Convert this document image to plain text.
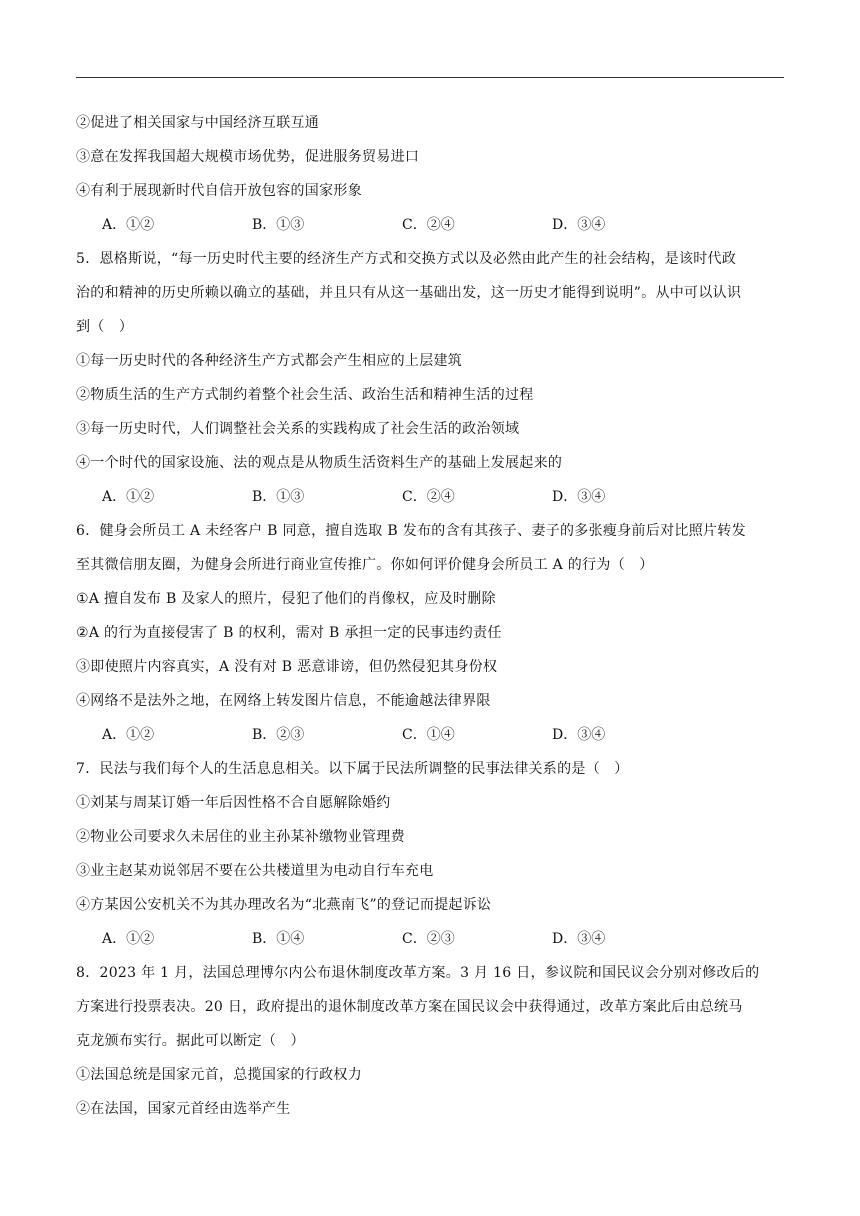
②促进了相关国家与中国经济互联互通
③意在发挥我国超大规模市场优势，促进服务贸易进口
④有利于展现新时代自信开放包容的国家形象
A．①②	B．①③	C．②④	D．③④
5．恩格斯说，“每一历史时代主要的经济生产方式和交换方式以及必然由此产生的社会结构，是该时代政
治的和精神的历史所赖以确立的基础，并且只有从这一基础出发，这一历史才能得到说明”。从中可以认识
到（　）
①每一历史时代的各种经济生产方式都会产生相应的上层建筑
②物质生活的生产方式制约着整个社会生活、政治生活和精神生活的过程
③每一历史时代，人们调整社会关系的实践构成了社会生活的政治领域
④一个时代的国家设施、法的观点是从物质生活资料生产的基础上发展起来的
A．①②	B．①③	C．②④	D．③④
6．健身会所员工 A 未经客户 B 同意，擅自选取 B 发布的含有其孩子、妻子的多张瘦身前后对比照片转发
至其微信朋友圈，为健身会所进行商业宣传推广。你如何评价健身会所员工 A 的行为（　）
①A 擅自发布 B 及家人的照片，侵犯了他们的肖像权，应及时删除
②A 的行为直接侵害了 B 的权利，需对 B 承担一定的民事违约责任
③即使照片内容真实，A 没有对 B 恶意诽谤，但仍然侵犯其身份权
④网络不是法外之地，在网络上转发图片信息，不能逾越法律界限
A．①②	B．②③	C．①④	D．③④
7．民法与我们每个人的生活息息相关。以下属于民法所调整的民事法律关系的是（　）
①刘某与周某订婚一年后因性格不合自愿解除婚约
②物业公司要求久未居住的业主孙某补缴物业管理费
③业主赵某劝说邻居不要在公共楼道里为电动自行车充电
④方某因公安机关不为其办理改名为“北燕南飞”的登记而提起诉讼
A．①②	B．①④	C．②③	D．③④
8．2023 年 1 月，法国总理博尔内公布退休制度改革方案。3 月 16 日，参议院和国民议会分别对修改后的
方案进行投票表决。20 日，政府提出的退休制度改革方案在国民议会中获得通过，改革方案此后由总统马
克龙颁布实行。据此可以断定（　）
①法国总统是国家元首，总揽国家的行政权力
②在法国，国家元首经由选举产生
